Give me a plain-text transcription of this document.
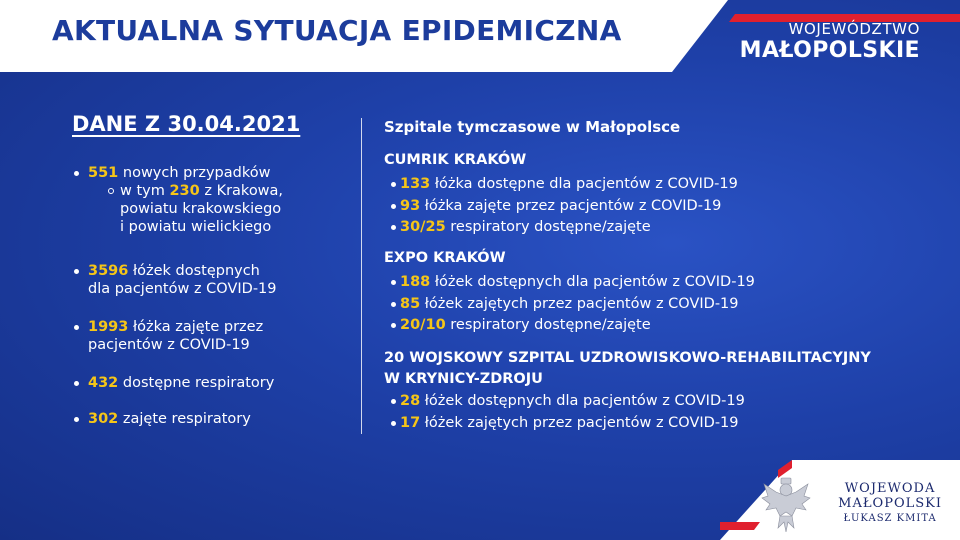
AKTUALNA SYTUACJA EPIDEMICZNA	WOJEWÓDZTWO
MAŁOPOLSKIE
DANE Z 30.04.2021
551 nowych przypadków
w tym 230 z Krakowa,
powiatu krakowskiego
i powiatu wielickiego
3596 łóżek dostępnych
dla pacjentów z COVID-19
1993 łóżka zajęte przez
pacjentów z COVID-19
432 dostępne respiratory
302 zajęte respiratory
Szpitale tymczasowe w Małopolsce
CUMRIK KRAKÓW
133 łóżka dostępne dla pacjentów z COVID-19
93 łóżka zajęte przez pacjentów z COVID-19
30/25 respiratory dostępne/zajęte
EXPO KRAKÓW
188 łóżek dostępnych dla pacjentów z COVID-19
85 łóżek zajętych przez pacjentów z COVID-19
20/10 respiratory dostępne/zajęte
20 WOJSKOWY SZPITAL UZDROWISKOWO-REHABILITACYJNY
W KRYNICY-ZDROJU
28 łóżek dostępnych dla pacjentów z COVID-19
17 łóżek zajętych przez pacjentów z COVID-19
WOJEWODA
MAŁOPOLSKI
ŁUKASZ KMITA
